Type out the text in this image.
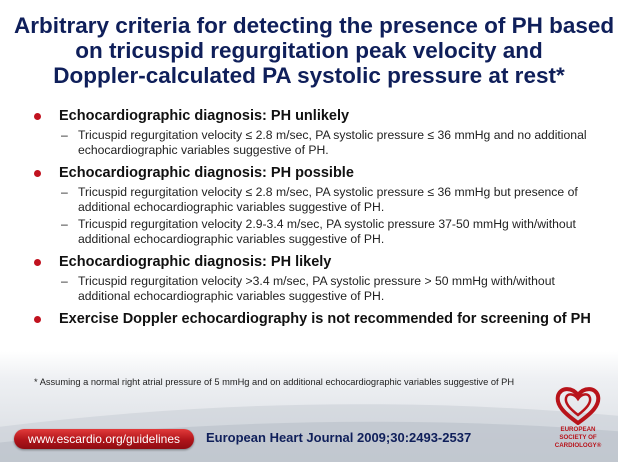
Arbitrary criteria for detecting the presence of PH based
on tricuspid regurgitation peak velocity and
Doppler-calculated PA systolic pressure at rest*
Echocardiographic diagnosis: PH unlikely
– Tricuspid regurgitation velocity ≤ 2.8 m/sec, PA systolic pressure ≤ 36 mmHg and no additional echocardiographic variables suggestive of PH.
Echocardiographic diagnosis: PH possible
– Tricuspid regurgitation velocity ≤ 2.8 m/sec, PA systolic pressure ≤ 36 mmHg but presence of additional echocardiographic variables suggestive of PH.
– Tricuspid regurgitation velocity 2.9-3.4 m/sec, PA systolic pressure 37-50 mmHg with/without additional echocardiographic variables suggestive of PH.
Echocardiographic diagnosis: PH likely
– Tricuspid regurgitation velocity >3.4 m/sec, PA systolic pressure > 50 mmHg with/without additional echocardiographic variables suggestive of PH.
Exercise Doppler echocardiography is not recommended for screening of PH
* Assuming a normal right atrial pressure of 5 mmHg and on additional echocardiographic variables suggestive of PH
www.escardio.org/guidelines	European Heart Journal 2009;30:2493-2537
EUROPEAN
SOCIETY OF
CARDIOLOGY®
